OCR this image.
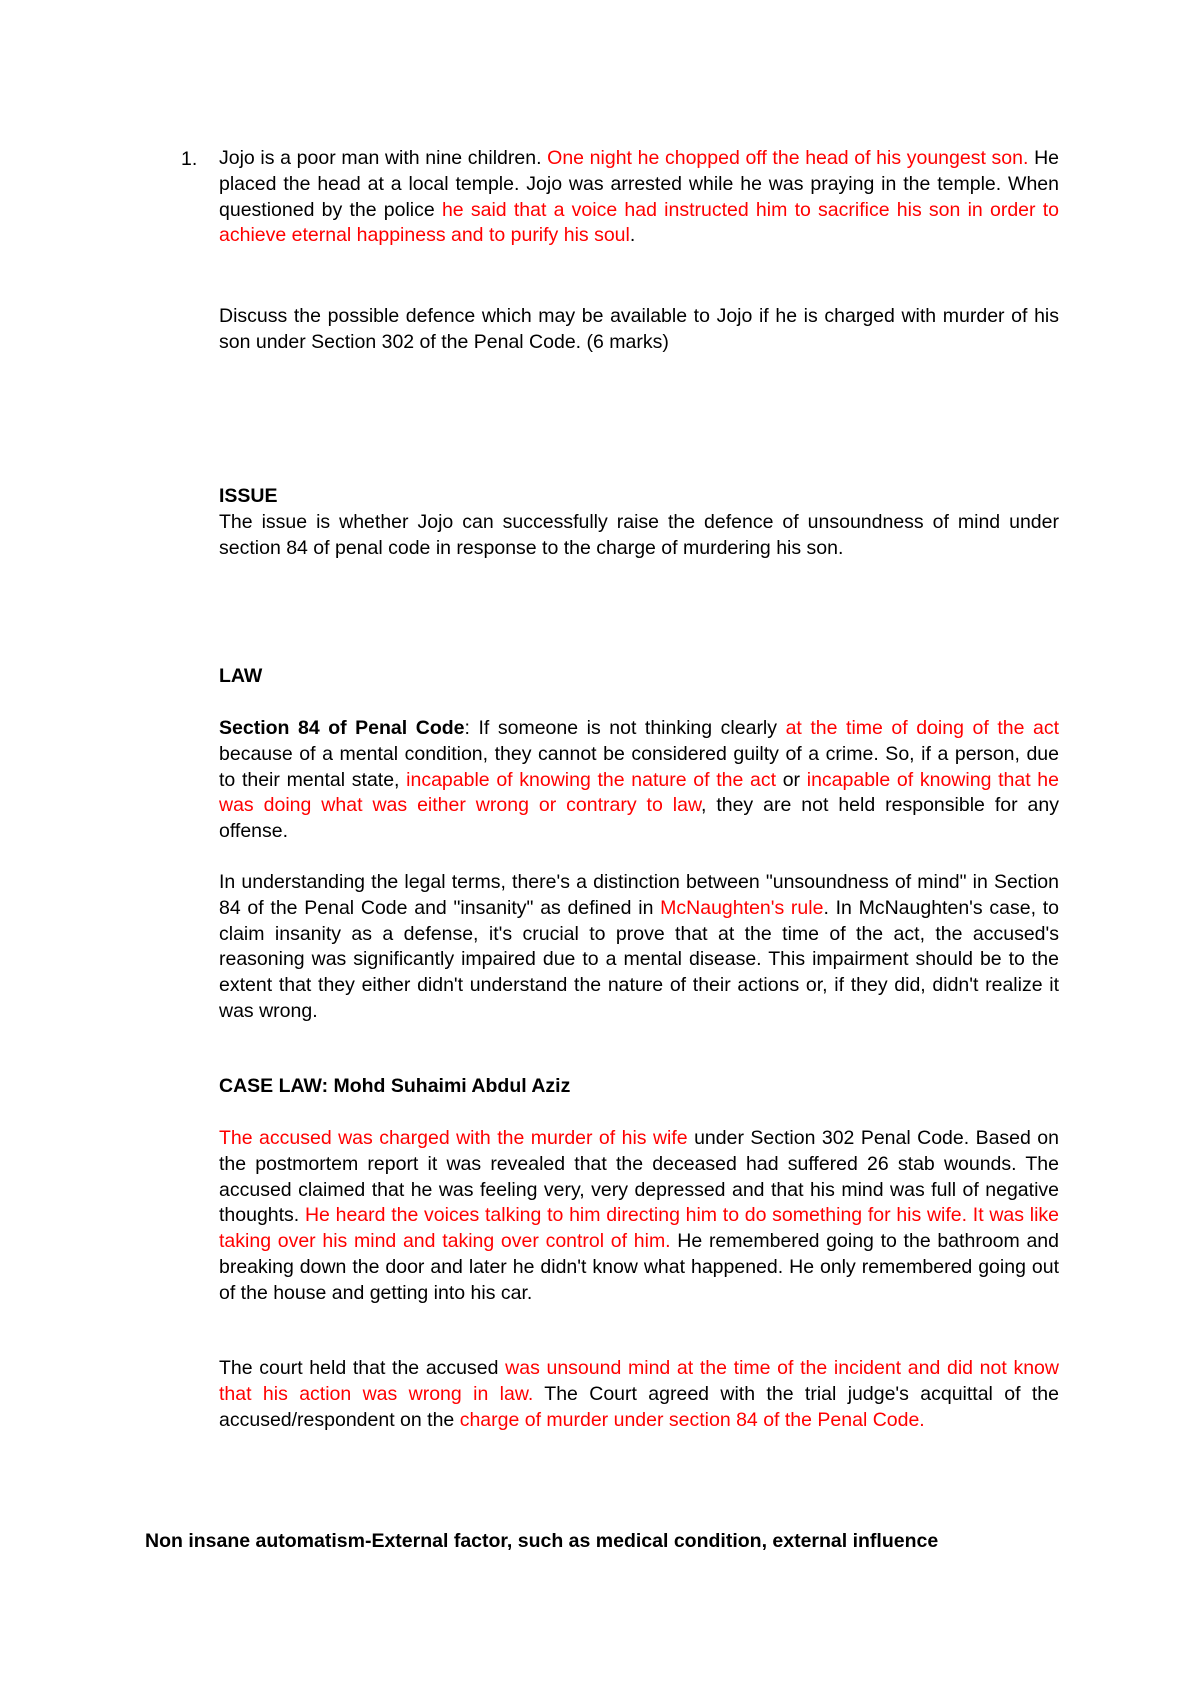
1. Jojo is a poor man with nine children. One night he chopped off the head of his youngest son. He placed the head at a local temple. Jojo was arrested while he was praying in the temple. When questioned by the police he said that a voice had instructed him to sacrifice his son in order to achieve eternal happiness and to purify his soul.

Discuss the possible defence which may be available to Jojo if he is charged with murder of his son under Section 302 of the Penal Code. (6 marks)

ISSUE

The issue is whether Jojo can successfully raise the defence of unsoundness of mind under section 84 of penal code in response to the charge of murdering his son.

LAW

Section 84 of Penal Code: If someone is not thinking clearly at the time of doing of the act because of a mental condition, they cannot be considered guilty of a crime. So, if a person, due to their mental state, incapable of knowing the nature of the act or incapable of knowing that he was doing what was either wrong or contrary to law, they are not held responsible for any offense.

In understanding the legal terms, there's a distinction between "unsoundness of mind" in Section 84 of the Penal Code and "insanity" as defined in McNaughten's rule. In McNaughten's case, to claim insanity as a defense, it's crucial to prove that at the time of the act, the accused's reasoning was significantly impaired due to a mental disease. This impairment should be to the extent that they either didn't understand the nature of their actions or, if they did, didn't realize it was wrong.

CASE LAW: Mohd Suhaimi Abdul Aziz

The accused was charged with the murder of his wife under Section 302 Penal Code. Based on the postmortem report it was revealed that the deceased had suffered 26 stab wounds. The accused claimed that he was feeling very, very depressed and that his mind was full of negative thoughts. He heard the voices talking to him directing him to do something for his wife. It was like taking over his mind and taking over control of him. He remembered going to the bathroom and breaking down the door and later he didn't know what happened. He only remembered going out of the house and getting into his car.

The court held that the accused was unsound mind at the time of the incident and did not know that his action was wrong in law. The Court agreed with the trial judge's acquittal of the accused/respondent on the charge of murder under section 84 of the Penal Code.

Non insane automatism-External factor, such as medical condition, external influence
